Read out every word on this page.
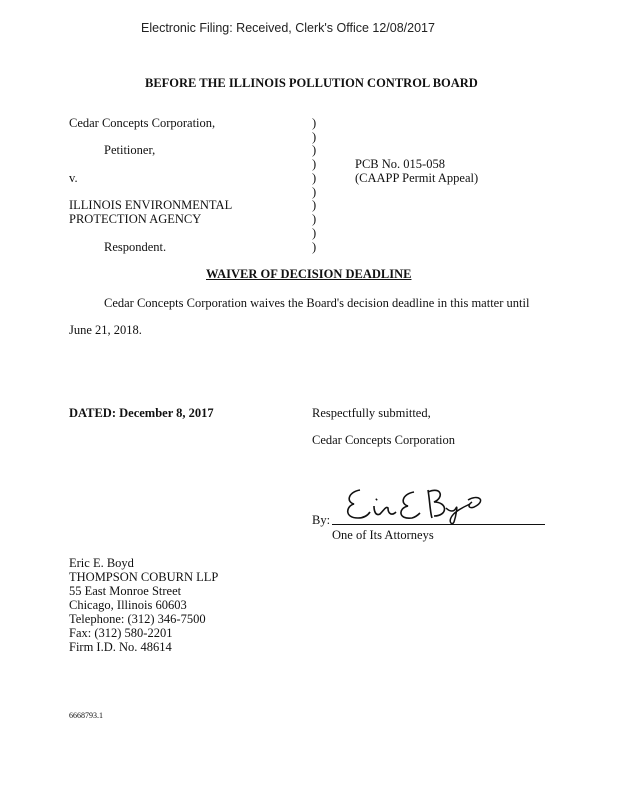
Electronic Filing: Received, Clerk's Office 12/08/2017
BEFORE THE ILLINOIS POLLUTION CONTROL BOARD
Cedar Concepts Corporation,
Petitioner,
v.
ILLINOIS ENVIRONMENTAL
PROTECTION AGENCY
Respondent.
)
)
)
)
)
)
)
)
)
)
PCB No. 015-058
(CAAPP Permit Appeal)
WAIVER OF DECISION DEADLINE
Cedar Concepts Corporation waives the Board's decision deadline in this matter until
June 21, 2018.
DATED: December 8, 2017	Respectfully submitted,
Cedar Concepts Corporation
By:
One of Its Attorneys
Eric E. Boyd
THOMPSON COBURN LLP
55 East Monroe Street
Chicago, Illinois 60603
Telephone: (312) 346-7500
Fax: (312) 580-2201
Firm I.D. No. 48614
6668793.1
